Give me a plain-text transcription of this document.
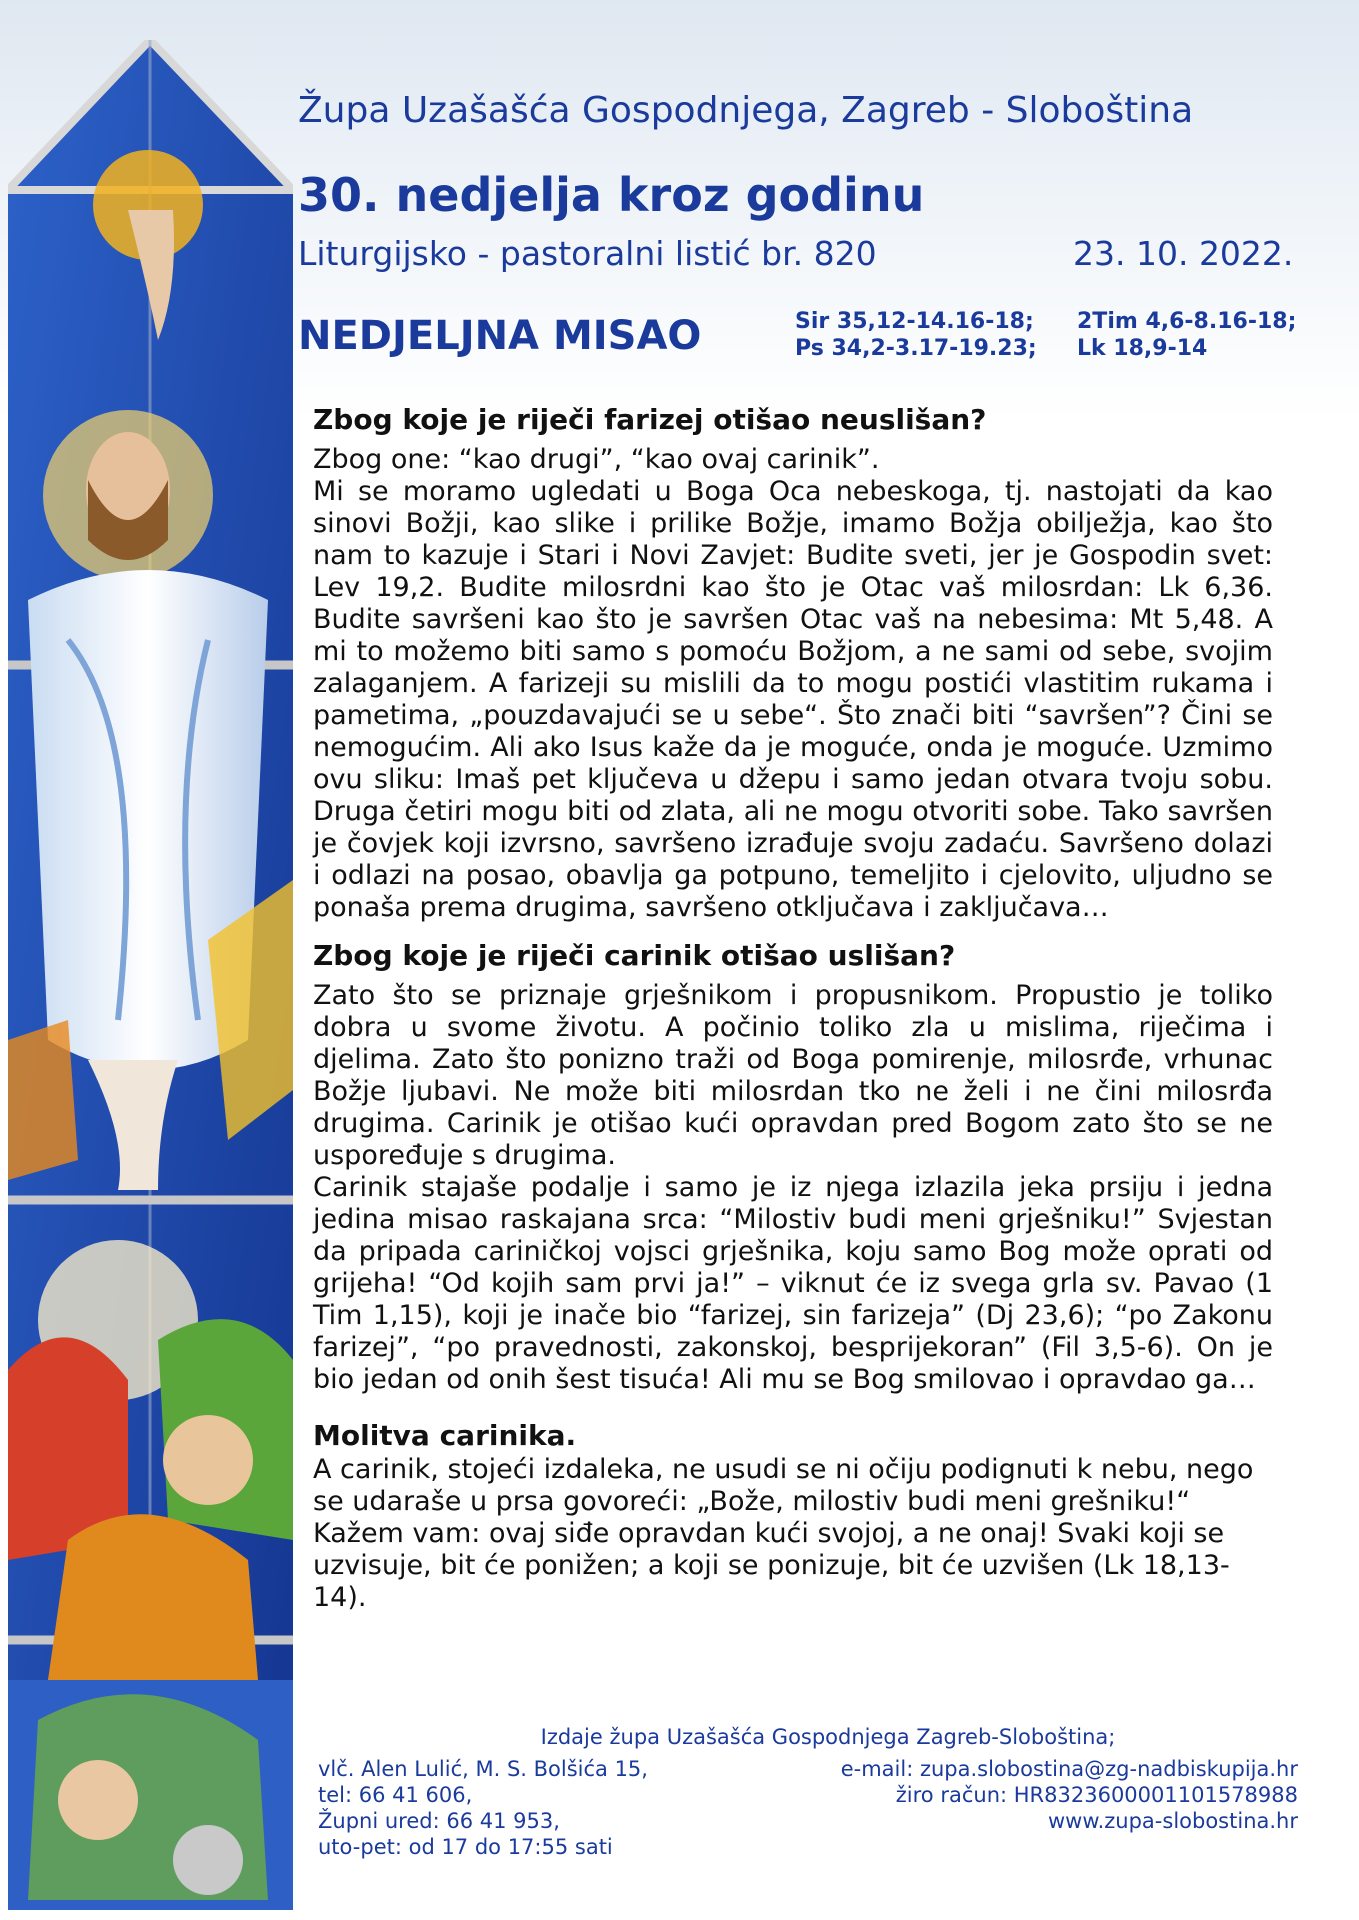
Župa Uzašašća Gospodnjega, Zagreb - Sloboština
30. nedjelja kroz godinu
Liturgijsko - pastoralni listić br. 820	23. 10. 2022.
NEDJELJNA MISAO	Sir 35,12-14.16-18; 2Tim 4,6-8.16-18;
Ps 34,2-3.17-19.23; Lk 18,9-14
Zbog koje je riječi farizej otišao neuslišan?

Zbog one: “kao drugi”, “kao ovaj carinik”.

Mi se moramo ugledati u Boga Oca nebeskoga, tj. nastojati da kao sinovi Božji, kao slike i prilike Božje, imamo Božja obilježja, kao što nam to kazuje i Stari i Novi Zavjet: Budite sveti, jer je Gospodin svet: Lev 19,2. Budite milosrdni kao što je Otac vaš milosrdan: Lk 6,36. Budite savršeni kao što je savršen Otac vaš na nebesima: Mt 5,48. A mi to možemo biti samo s pomoću Božjom, a ne sami od sebe, svojim zalaganjem. A farizeji su mislili da to mogu postići vlastitim rukama i pametima, „pouzdavajući se u sebe“. Što znači biti “savršen”? Čini se nemogućim. Ali ako Isus kaže da je moguće, onda je moguće. Uzmimo ovu sliku: Imaš pet ključeva u džepu i samo jedan otvara tvoju sobu. Druga četiri mogu biti od zlata, ali ne mogu otvoriti sobe. Tako savršen je čovjek koji izvrsno, savršeno izrađuje svoju zadaću. Savršeno dolazi i odlazi na posao, obavlja ga potpuno, temeljito i cjelovito, uljudno se ponaša prema drugima, savršeno otključava i zaključava…

Zbog koje je riječi carinik otišao uslišan?

Zato što se priznaje grješnikom i propusnikom. Propustio je toliko dobra u svome životu. A počinio toliko zla u mislima, riječima i djelima. Zato što ponizno traži od Boga pomirenje, milosrđe, vrhunac Božje ljubavi. Ne može biti milosrdan tko ne želi i ne čini milosrđa drugima. Carinik je otišao kući opravdan pred Bogom zato što se ne uspoređuje s drugima.

Carinik stajaše podalje i samo je iz njega izlazila jeka prsiju i jedna jedina misao raskajana srca: “Milostiv budi meni grješniku!” Svjestan da pripada cariničkoj vojsci grješnika, koju samo Bog može oprati od grijeha! “Od kojih sam prvi ja!” – viknut će iz svega grla sv. Pavao (1 Tim 1,15), koji je inače bio “farizej, sin farizeja” (Dj 23,6); “po Zakonu farizej”, “po pravednosti, zakonskoj, besprijekoran” (Fil 3,5-6). On je bio jedan od onih šest tisuća! Ali mu se Bog smilovao i opravdao ga…

Molitva carinika.

A carinik, stojeći izdaleka, ne usudi se ni očiju podignuti k nebu, nego se udaraše u prsa govoreći: „Bože, milostiv budi meni grešniku!“ Kažem vam: ovaj siđe opravdan kući svojoj, a ne onaj! Svaki koji se uzvisuje, bit će ponižen; a koji se ponizuje, bit će uzvišen (Lk 18,13-14).

Izdaje župa Uzašašća Gospodnjega Zagreb-Sloboština;
vlč. Alen Lulić, M. S. Bolšića 15,
tel: 66 41 606,
Župni ured: 66 41 953,
uto-pet: od 17 do 17:55 sati
e-mail: zupa.slobostina@zg-nadbiskupija.hr
žiro račun: HR8323600001101578988
www.zupa-slobostina.hr
